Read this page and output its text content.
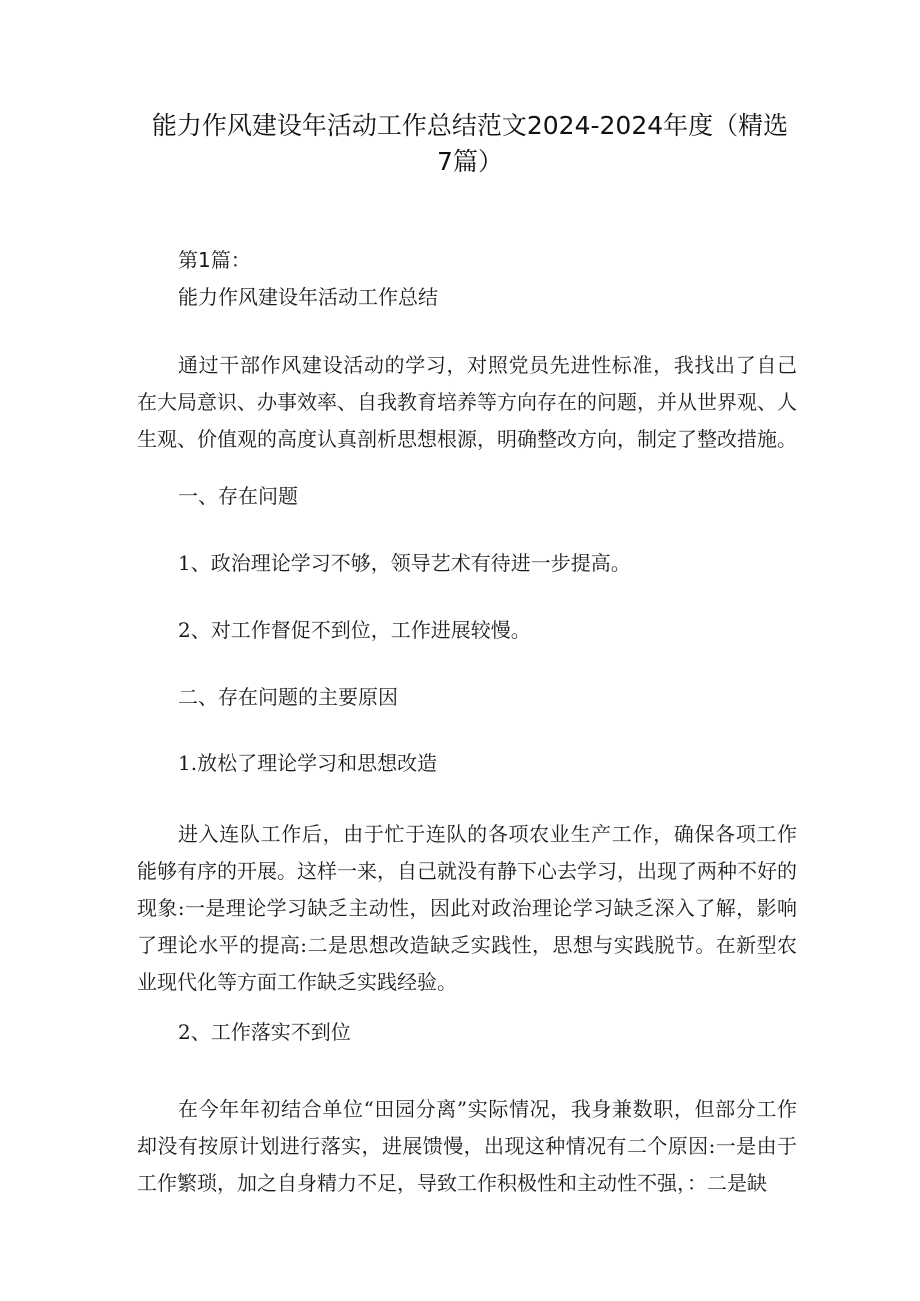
能力作风建设年活动工作总结范文2024-2024年度（精选7篇）

第1篇：

能力作风建设年活动工作总结

通过干部作风建设活动的学习，对照党员先进性标准，我找出了自己在大局意识、办事效率、自我教育培养等方向存在的问题，并从世界观、人生观、价值观的高度认真剖析思想根源，明确整改方向，制定了整改措施。

一、存在问题

1、政治理论学习不够，领导艺术有待进一步提高。

2、对工作督促不到位，工作进展较慢。

二、存在问题的主要原因

1.放松了理论学习和思想改造

进入连队工作后，由于忙于连队的各项农业生产工作，确保各项工作能够有序的开展。这样一来，自己就没有静下心去学习，出现了两种不好的现象:一是理论学习缺乏主动性，因此对政治理论学习缺乏深入了解，影响了理论水平的提高:二是思想改造缺乏实践性，思想与实践脱节。在新型农业现代化等方面工作缺乏实践经验。

2、工作落实不到位

在今年年初结合单位“田园分离”实际情况，我身兼数职，但部分工作却没有按原计划进行落实，进展馈慢，出现这种情况有二个原因:一是由于工作繁琐，加之自身精力不足，导致工作积极性和主动性不强，：二是缺
